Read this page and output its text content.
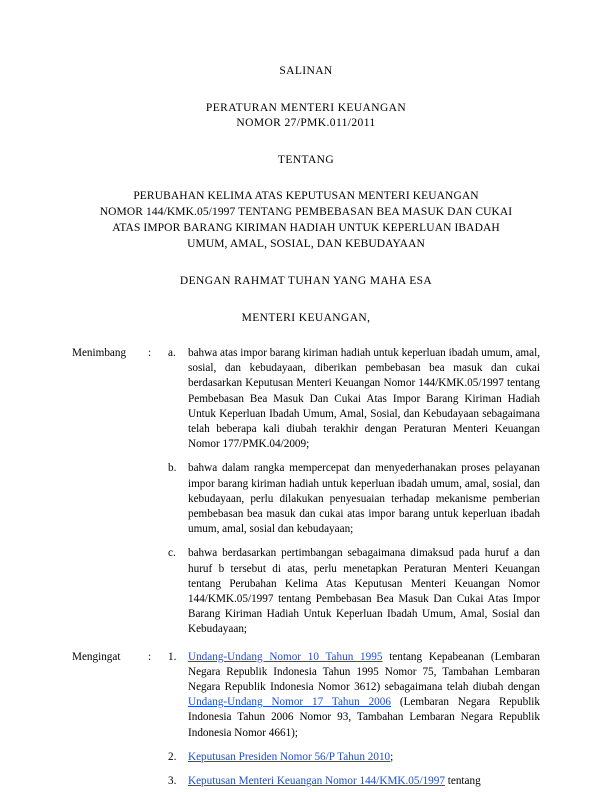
SALINAN
PERATURAN MENTERI KEUANGAN
NOMOR 27/PMK.011/2011
TENTANG
PERUBAHAN KELIMA ATAS KEPUTUSAN MENTERI KEUANGAN
NOMOR 144/KMK.05/1997 TENTANG PEMBEBASAN BEA MASUK DAN CUKAI
ATAS IMPOR BARANG KIRIMAN HADIAH UNTUK KEPERLUAN IBADAH
UMUM, AMAL, SOSIAL, DAN KEBUDAYAAN
DENGAN RAHMAT TUHAN YANG MAHA ESA
MENTERI KEUANGAN,
Menimbang	:	a.	bahwa atas impor barang kiriman hadiah untuk keperluan ibadah umum, amal, sosial, dan kebudayaan, diberikan pembebasan bea masuk dan cukai berdasarkan Keputusan Menteri Keuangan Nomor 144/KMK.05/1997 tentang Pembebasan Bea Masuk Dan Cukai Atas Impor Barang Kiriman Hadiah Untuk Keperluan Ibadah Umum, Amal, Sosial, dan Kebudayaan sebagaimana telah beberapa kali diubah terakhir dengan Peraturan Menteri Keuangan Nomor 177/PMK.04/2009;
b.	bahwa dalam rangka mempercepat dan menyederhanakan proses pelayanan impor barang kiriman hadiah untuk keperluan ibadah umum, amal, sosial, dan kebudayaan, perlu dilakukan penyesuaian terhadap mekanisme pemberian pembebasan bea masuk dan cukai atas impor barang untuk keperluan ibadah umum, amal, sosial dan kebudayaan;
c.	bahwa berdasarkan pertimbangan sebagaimana dimaksud pada huruf a dan huruf b tersebut di atas, perlu menetapkan Peraturan Menteri Keuangan tentang Perubahan Kelima Atas Keputusan Menteri Keuangan Nomor 144/KMK.05/1997 tentang Pembebasan Bea Masuk Dan Cukai Atas Impor Barang Kiriman Hadiah Untuk Keperluan Ibadah Umum, Amal, Sosial dan Kebudayaan;
Mengingat	:	1.	Undang-Undang Nomor 10 Tahun 1995 tentang Kepabeanan (Lembaran Negara Republik Indonesia Tahun 1995 Nomor 75, Tambahan Lembaran Negara Republik Indonesia Nomor 3612) sebagaimana telah diubah dengan Undang-Undang Nomor 17 Tahun 2006 (Lembaran Negara Republik Indonesia Tahun 2006 Nomor 93, Tambahan Lembaran Negara Republik Indonesia Nomor 4661);
2.	Keputusan Presiden Nomor 56/P Tahun 2010;
3.	Keputusan Menteri Keuangan Nomor 144/KMK.05/1997 tentang
